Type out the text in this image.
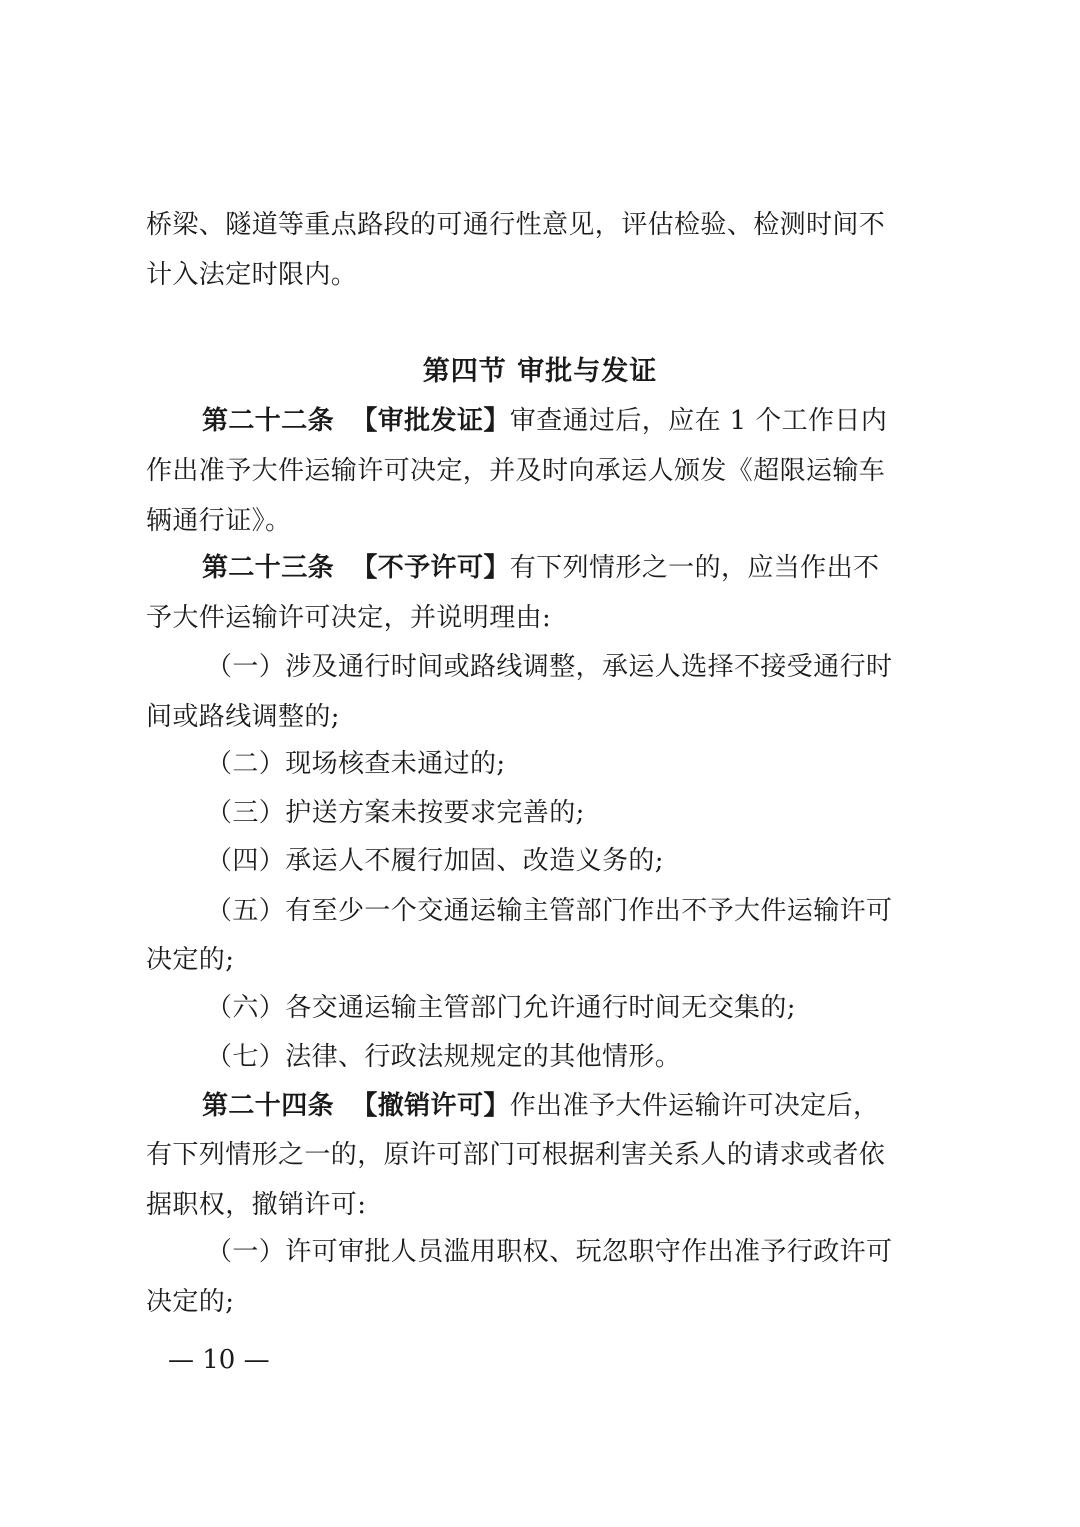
桥梁、隧道等重点路段的可通行性意见，评估检验、检测时间不
计入法定时限内。
第四节 审批与发证
第二十二条 【审批发证】审查通过后，应在 1 个工作日内
作出准予大件运输许可决定，并及时向承运人颁发《超限运输车
辆通行证》。
第二十三条 【不予许可】有下列情形之一的，应当作出不
予大件运输许可决定，并说明理由:
（一）涉及通行时间或路线调整，承运人选择不接受通行时
间或路线调整的;
（二）现场核查未通过的;
（三）护送方案未按要求完善的;
（四）承运人不履行加固、改造义务的;
（五）有至少一个交通运输主管部门作出不予大件运输许可
决定的;
（六）各交通运输主管部门允许通行时间无交集的;
（七）法律、行政法规规定的其他情形。
第二十四条 【撤销许可】作出准予大件运输许可决定后，
有下列情形之一的，原许可部门可根据利害关系人的请求或者依
据职权，撤销许可:
（一）许可审批人员滥用职权、玩忽职守作出准予行政许可
决定的;
— 10 —
